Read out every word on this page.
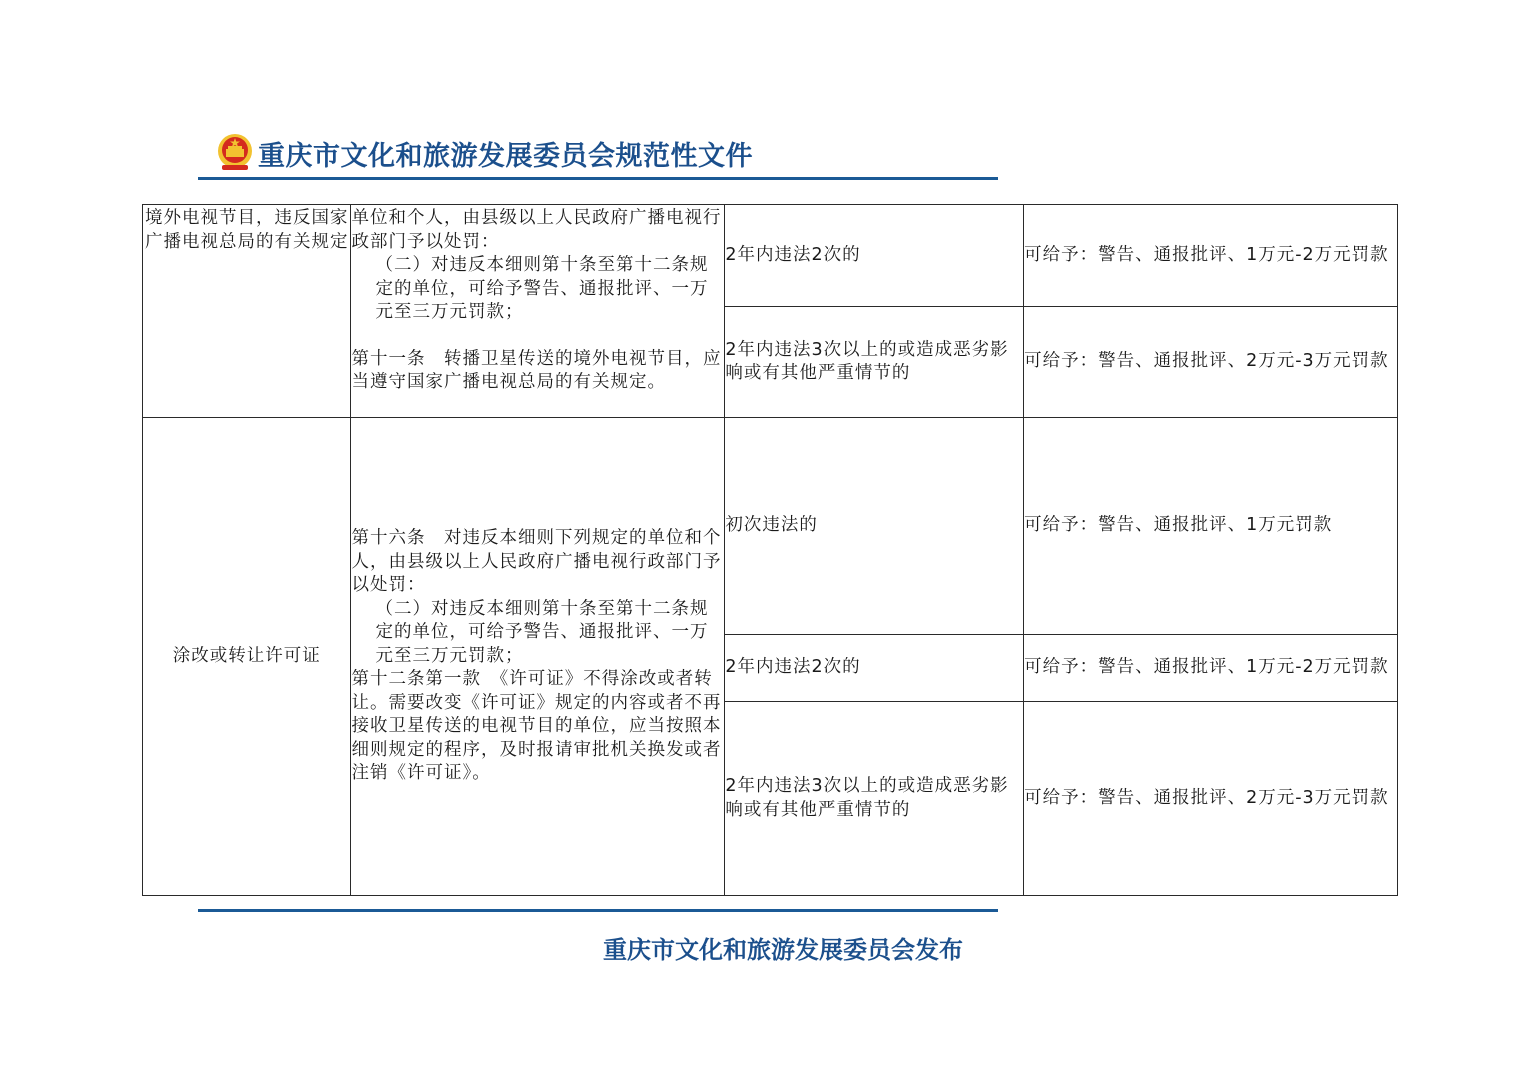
重庆市文化和旅游发展委员会规范性文件
境外电视节目，违反国家广播电视总局的有关规定	单位和个人，由县级以上人民政府广播电视行政部门予以处罚：
（二）对违反本细则第十条至第十二条规定的单位，可给予警告、通报批评、一万元至三万元罚款；
第十一条　转播卫星传送的境外电视节目，应当遵守国家广播电视总局的有关规定。	2年内违法2次的	可给予：警告、通报批评、1万元-2万元罚款
		2年内违法3次以上的或造成恶劣影响或有其他严重情节的	可给予：警告、通报批评、2万元-3万元罚款
涂改或转让许可证	第十六条　对违反本细则下列规定的单位和个人，由县级以上人民政府广播电视行政部门予以处罚：
（二）对违反本细则第十条至第十二条规定的单位，可给予警告、通报批评、一万元至三万元罚款；
第十二条第一款　《许可证》不得涂改或者转让。需要改变《许可证》规定的内容或者不再接收卫星传送的电视节目的单位，应当按照本细则规定的程序，及时报请审批机关换发或者注销《许可证》。	初次违法的	可给予：警告、通报批评、1万元罚款
		2年内违法2次的	可给予：警告、通报批评、1万元-2万元罚款
		2年内违法3次以上的或造成恶劣影响或有其他严重情节的	可给予：警告、通报批评、2万元-3万元罚款
重庆市文化和旅游发展委员会发布
